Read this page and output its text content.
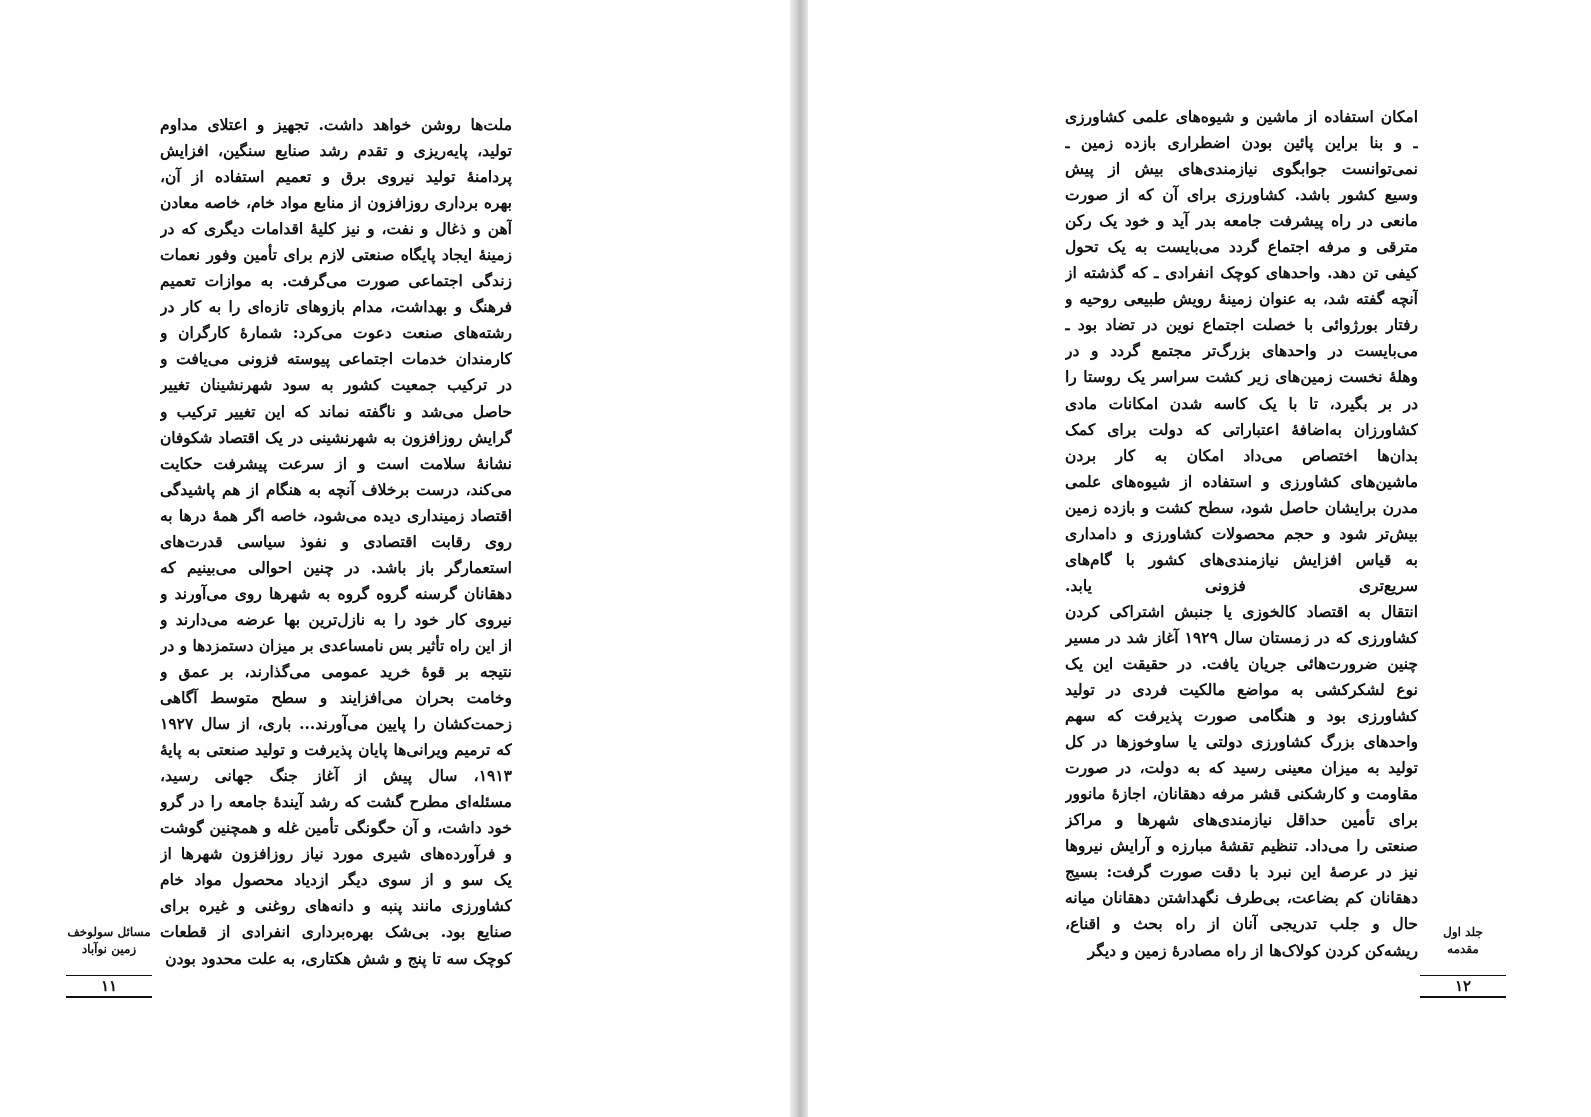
ملت‌ها روشن خواهد داشت. تجهیز و اعتلای مداوم
تولید، پایه‌ریزی و تقدم رشد صنایع سنگین، افزایش
پردامنهٔ تولید نیروی برق و تعمیم استفاده از آن،
بهره برداری روزافزون از منابع مواد خام، خاصه معادن
آهن و ذغال و نفت، و نیز کلیهٔ اقدامات دیگری که در
زمینهٔ ایجاد پایگاه صنعتی لازم برای تأمین وفور نعمات
زندگی اجتماعی صورت می‌گرفت. به موازات تعمیم
فرهنگ و بهداشت، مدام بازوهای تازه‌ای را به کار در
رشته‌های صنعت دعوت می‌کرد: شمارهٔ کارگران و
کارمندان خدمات اجتماعی پیوسته فزونی می‌یافت و
در ترکیب جمعیت کشور به سود شهرنشینان تغییر
حاصل می‌شد و ناگفته نماند که این تغییر ترکیب و
گرایش روزافزون به شهرنشینی در یک اقتصاد شکوفان
نشانهٔ سلامت است و از سرعت پیشرفت حکایت
می‌کند، درست برخلاف آنچه به هنگام از هم پاشیدگی
اقتصاد زمینداری دیده می‌شود، خاصه اگر همهٔ درها به
روی رقابت اقتصادی و نفوذ سیاسی قدرت‌های
استعمارگر باز باشد. در چنین احوالی می‌بینیم که
دهقانان گرسنه گروه گروه به شهرها روی می‌آورند و
نیروی کار خود را به نازل‌ترین بها عرضه می‌دارند و
از این راه تأثیر بس نامساعدی بر میزان دستمزدها و در
نتیجه بر قوهٔ خرید عمومی می‌گذارند، بر عمق و
وخامت بحران می‌افزایند و سطح متوسط آگاهی
زحمت‌کشان را پایین می‌آورند... باری، از سال ۱۹۲۷
که ترمیم ویرانی‌ها پایان پذیرفت و تولید صنعتی به پایهٔ
۱۹۱۳، سال پیش از آغاز جنگ جهانی رسید،
مسئله‌ای مطرح گشت که رشد آیندهٔ جامعه را در گرو
خود داشت، و آن حگونگی تأمین غله و همچنین گوشت
و فرآورده‌های شیری مورد نیاز روزافزون شهرها از
یک سو و از سوی دیگر ازدیاد محصول مواد خام
کشاورزی مانند پنبه و دانه‌های روغنی و غیره برای
صنایع بود. بی‌شک بهره‌برداری انفرادی از قطعات
کوچک سه تا پنج و شش هکتاری، به علت محدود بودن
مسائل سولوخف
زمین نوآباد
۱۱
امکان استفاده از ماشین و شیوه‌های علمی کشاورزی
ـ و بنا براین پائین بودن اضطراری بازده زمین ـ
نمی‌توانست جوابگوی نیازمندی‌های بیش از پیش
وسیع کشور باشد. کشاورزی برای آن که از صورت
مانعی در راه پیشرفت جامعه بدر آید و خود یک رکن
مترقی و مرفه اجتماع گردد می‌بایست به یک تحول
کیفی تن دهد. واحدهای کوچک انفرادی ـ که گذشته از
آنچه گفته شد، به عنوان زمینهٔ رویش طبیعی روحیه و
رفتار بورژوائی با خصلت اجتماع نوین در تضاد بود ـ
می‌بایست در واحدهای بزرگ‌تر مجتمع گردد و در
وهلهٔ نخست زمین‌های زیر کشت سراسر یک روستا را
در بر بگیرد، تا با یک کاسه شدن امکانات مادی
کشاورزان به‌اضافهٔ اعتباراتی که دولت برای کمک
بدان‌ها اختصاص می‌داد امکان به کار بردن
ماشین‌های کشاورزی و استفاده از شیوه‌های علمی
مدرن برایشان حاصل شود، سطح کشت و بازده زمین
بیش‌تر شود و حجم محصولات کشاورزی و دامداری
به قیاس افزایش نیازمندی‌های کشور با گام‌های
سریع‌تری فزونی یابد.
انتقال به اقتصاد کالخوزی یا جنبش اشتراکی کردن
کشاورزی که در زمستان سال ۱۹۲۹ آغاز شد در مسیر
چنین ضرورت‌هائی جریان یافت. در حقیقت این یک
نوع لشکرکشی به مواضع مالکیت فردی در تولید
کشاورزی بود و هنگامی صورت پذیرفت که سهم
واحدهای بزرگ کشاورزی دولتی یا ساوخوزها در کل
تولید به میزان معینی رسید که به دولت، در صورت
مقاومت و کارشکنی قشر مرفه دهقانان، اجازهٔ مانوور
برای تأمین حداقل نیازمندی‌های شهرها و مراکز
صنعتی را می‌داد. تنظیم تقشهٔ مبارزه و آرایش نیروها
نیز در عرصهٔ این نبرد با دقت صورت گرفت: بسیج
دهقانان کم بضاعت، بی‌طرف نگهداشتن دهقانان میانه
حال و جلب تدریجی آنان از راه بحث و اقناع،
ریشه‌کن کردن کولاک‌ها از راه مصادرهٔ زمین و دیگر
جلد اول
مقدمه
۱۲
